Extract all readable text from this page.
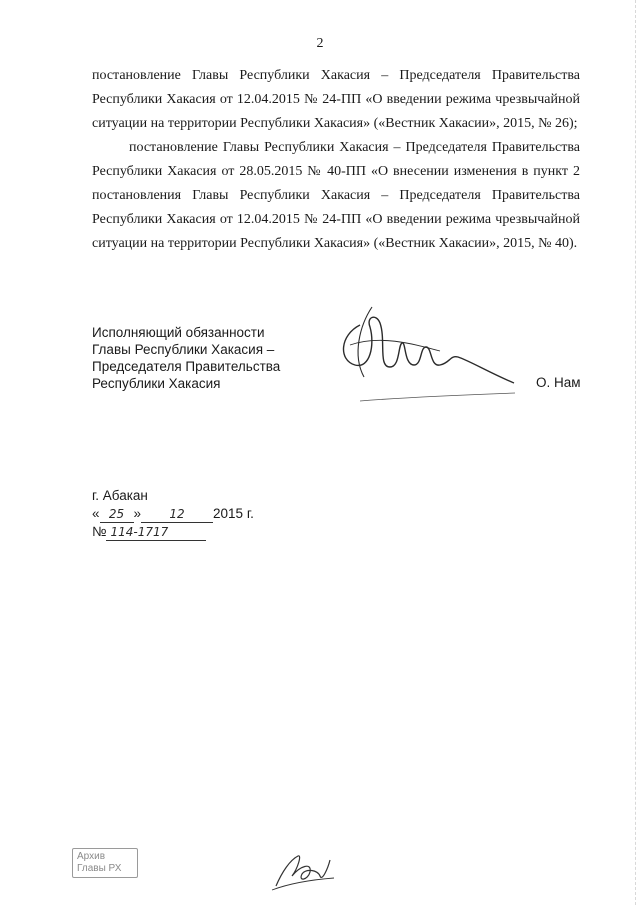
2

постановление Главы Республики Хакасия – Председателя Правительства Республики Хакасия от 12.04.2015 № 24-ПП «О введении режима чрезвычайной ситуации на территории Республики Хакасия» («Вестник Хакасии», 2015, № 26);

постановление Главы Республики Хакасия – Председателя Правительства Республики Хакасия от 28.05.2015 № 40-ПП «О внесении изменения в пункт 2 постановления Главы Республики Хакасия – Председателя Правительства Республики Хакасия от 12.04.2015 № 24-ПП «О введении режима чрезвычайной ситуации на территории Республики Хакасия» («Вестник Хакасии», 2015, № 40).

Исполняющий обязанности
Главы Республики Хакасия –
Председателя Правительства
Республики Хакасия	О. Нам
г. Абакан
« 25 » 12 2015 г.
№ 114-1717
Архив
Главы РХ
